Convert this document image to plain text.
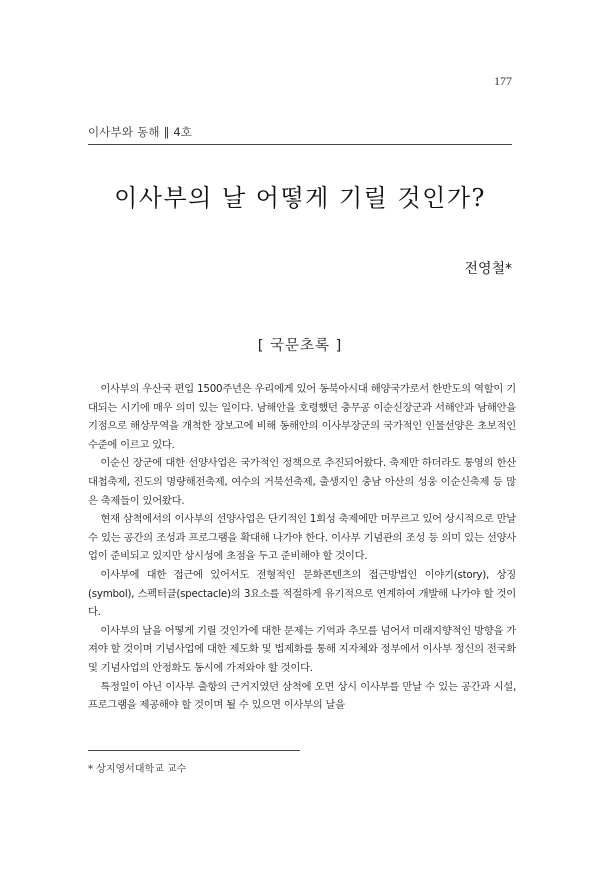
177
이사부와 동해 ‖ 4호
이사부의 날 어떻게 기릴 것인가?
전영철*
[ 국문초록 ]

이사부의 우산국 편입 1500주년은 우리에게 있어 동북아시대 해양국가로서 한반도의 역할이 기대되는 시기에 매우 의미 있는 일이다. 남해안을 호령했던 충무공 이순신장군과 서해안과 남해안을 기점으로 해상무역을 개척한 장보고에 비해 동해안의 이사부장군의 국가적인 인물선양은 초보적인 수준에 이르고 있다.

이순신 장군에 대한 선양사업은 국가적인 정책으로 추진되어왔다. 축제만 하더라도 통영의 한산대첩축제, 진도의 명량해전축제, 여수의 거북선축제, 출생지인 충남 아산의 성웅 이순신축제 등 많은 축제들이 있어왔다.

현재 삼척에서의 이사부의 선양사업은 단기적인 1회성 축제에만 머무르고 있어 상시적으로 만날 수 있는 공간의 조성과 프로그램을 확대해 나가야 한다. 이사부 기념관의 조성 등 의미 있는 선양사업이 준비되고 있지만 상시성에 초점을 두고 준비해야 할 것이다.

이사부에 대한 접근에 있어서도 전형적인 문화콘텐츠의 접근방법인 이야기(story), 상징(symbol), 스펙터클(spectacle)의 3요소를 적절하게 유기적으로 연계하여 개발해 나가야 할 것이다.

이사부의 날을 어떻게 기릴 것인가에 대한 문제는 기억과 추모를 넘어서 미래지향적인 방향을 가져야 할 것이며 기념사업에 대한 제도화 및 법제화를 통해 지자체와 정부에서 이사부 정신의 전국화 및 기념사업의 안정화도 동시에 가져와야 할 것이다.

특정일이 아닌 이사부 출항의 근거지였던 삼척에 오면 상시 이사부를 만날 수 있는 공간과 시설, 프로그램을 제공해야 할 것이며 될 수 있으면 이사부의 날을

* 상지영서대학교 교수
